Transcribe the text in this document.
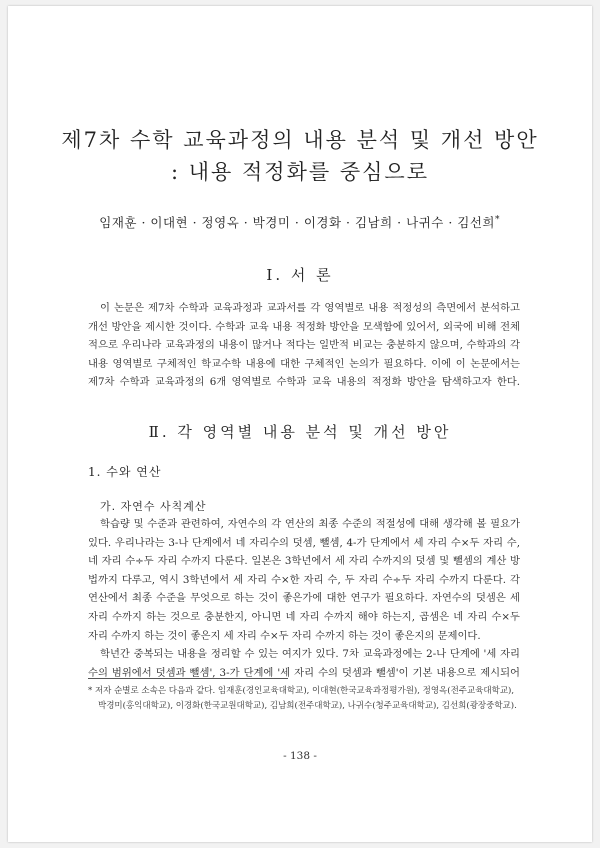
제7차 수학 교육과정의 내용 분석 및 개선 방안
: 내용 적정화를 중심으로
임재훈 · 이대현 · 정영옥 · 박경미 · 이경화 · 김남희 · 나귀수 · 김선희*
Ⅰ. 서 론
이 논문은 제7차 수학과 교육과정과 교과서를 각 영역별로 내용 적정성의 측면에서 분석하고
개선 방안을 제시한 것이다. 수학과 교육 내용 적정화 방안을 모색함에 있어서, 외국에 비해 전체
적으로 우리나라 교육과정의 내용이 많거나 적다는 일반적 비교는 충분하지 않으며, 수학과의 각
내용 영역별로 구체적인 학교수학 내용에 대한 구체적인 논의가 필요하다. 이에 이 논문에서는
제7차 수학과 교육과정의 6개 영역별로 수학과 교육 내용의 적정화 방안을 탐색하고자 한다.
Ⅱ. 각 영역별 내용 분석 및 개선 방안
1. 수와 연산
가. 자연수 사칙계산
학습량 및 수준과 관련하여, 자연수의 각 연산의 최종 수준의 적절성에 대해 생각해 볼 필요가
있다. 우리나라는 3-나 단계에서 네 자리수의 덧셈, 뺄셈, 4-가 단계에서 세 자리 수×두 자리 수,
네 자리 수÷두 자리 수까지 다룬다. 일본은 3학년에서 세 자리 수까지의 덧셈 및 뺄셈의 계산 방
법까지 다루고, 역시 3학년에서 세 자리 수×한 자리 수, 두 자리 수÷두 자리 수까지 다룬다. 각
연산에서 최종 수준을 무엇으로 하는 것이 좋은가에 대한 연구가 필요하다. 자연수의 덧셈은 세
자리 수까지 하는 것으로 충분한지, 아니면 네 자리 수까지 해야 하는지, 곱셈은 네 자리 수×두
자리 수까지 하는 것이 좋은지 세 자리 수×두 자리 수까지 하는 것이 좋은지의 문제이다.
학년간 중복되는 내용을 정리할 수 있는 여지가 있다. 7차 교육과정에는 2-나 단계에 '세 자리
수의 범위에서 덧셈과 뺄셈', 3-가 단계에 '세 자리 수의 덧셈과 뺄셈'이 기본 내용으로 제시되어
* 저자 순별로 소속은 다음과 같다. 임재훈(경인교육대학교), 이대현(한국교육과정평가원), 정영옥(전주교육대학교),
박경미(홍익대학교), 이경화(한국교원대학교), 김남희(전주대학교), 나귀수(청주교육대학교), 김선희(광장중학교).
- 138 -
